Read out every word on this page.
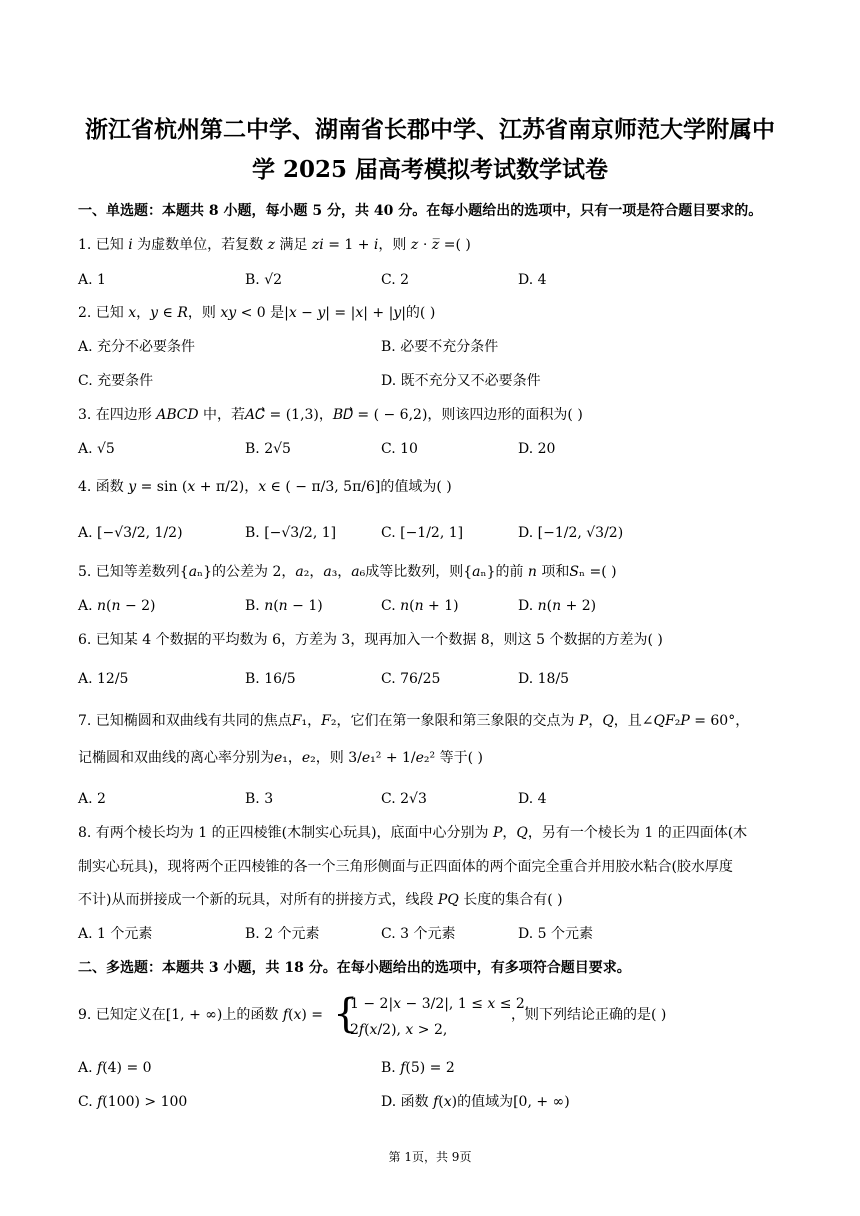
浙江省杭州第二中学、湖南省长郡中学、江苏省南京师范大学附属中
学 2025 届高考模拟考试数学试卷
一、单选题：本题共 8 小题，每小题 5 分，共 40 分。在每小题给出的选项中，只有一项是符合题目要求的。
1. 已知 𝑖 为虚数单位，若复数 𝑧 满足 𝑧𝑖 = 1 + 𝑖，则 𝑧 ⋅ 𝑧̅ =( )
A. 1	B. √2	C. 2	D. 4
2. 已知 𝑥，𝑦 ∈ 𝑅，则 𝑥𝑦 < 0 是|𝑥 − 𝑦| = |𝑥| + |𝑦|的( )
A. 充分不必要条件	B. 必要不充分条件
C. 充要条件	D. 既不充分又不必要条件
3. 在四边形 𝐴𝐵𝐶𝐷 中，若𝐴𝐶⃗ = (1,3)，𝐵𝐷⃗ = ( − 6,2)，则该四边形的面积为( )
A. √5	B. 2√5	C. 10	D. 20
4. 函数 𝑦 = sin (𝑥 + π/2)，𝑥 ∈ ( − π/3, 5π/6]的值域为( )
A. [−√3/2, 1/2)	B. [−√3/2, 1]	C. [−1/2, 1]	D. [−1/2, √3/2)
5. 已知等差数列{𝑎ₙ}的公差为 2，𝑎₂，𝑎₃，𝑎₆成等比数列，则{𝑎ₙ}的前 𝑛 项和𝑆ₙ =( )
A. 𝑛(𝑛 − 2)	B. 𝑛(𝑛 − 1)	C. 𝑛(𝑛 + 1)	D. 𝑛(𝑛 + 2)
6. 已知某 4 个数据的平均数为 6，方差为 3，现再加入一个数据 8，则这 5 个数据的方差为( )
A. 12/5	B. 16/5	C. 76/25	D. 18/5
7. 已知椭圆和双曲线有共同的焦点𝐹₁，𝐹₂，它们在第一象限和第三象限的交点为 𝑃，𝑄，且∠𝑄𝐹₂𝑃 = 60°，
记椭圆和双曲线的离心率分别为𝑒₁，𝑒₂，则 3/𝑒₁² + 1/𝑒₂² 等于( )
A. 2	B. 3	C. 2√3	D. 4
8. 有两个棱长均为 1 的正四棱锥(木制实心玩具)，底面中心分别为 𝑃，𝑄，另有一个棱长为 1 的正四面体(木
制实心玩具)，现将两个正四棱锥的各一个三角形侧面与正四面体的两个面完全重合并用胶水粘合(胶水厚度
不计)从而拼接成一个新的玩具，对所有的拼接方式，线段 𝑃𝑄 长度的集合有( )
A. 1 个元素	B. 2 个元素	C. 3 个元素	D. 5 个元素
二、多选题：本题共 3 小题，共 18 分。在每小题给出的选项中，有多项符合题目要求。
9. 已知定义在[1, + ∞)上的函数 𝑓(𝑥) = {
1 − 2|𝑥 − 3/2|, 1 ≤ 𝑥 ≤ 2,
2𝑓(𝑥/2), 𝑥 > 2,
，则下列结论正确的是( )
A. 𝑓(4) = 0	B. 𝑓(5) = 2
C. 𝑓(100) > 100	D. 函数 𝑓(𝑥)的值域为[0, + ∞)
第 1页，共 9页
